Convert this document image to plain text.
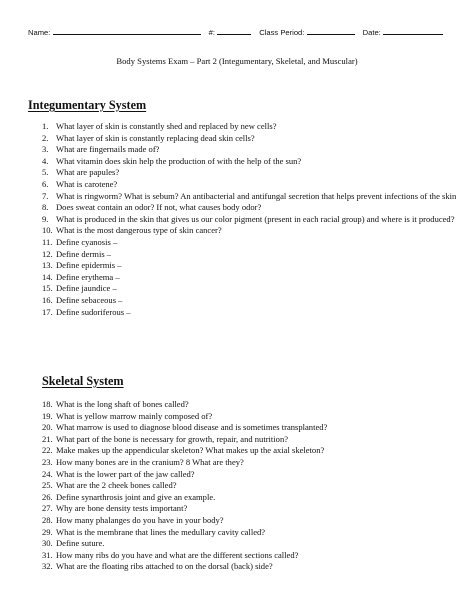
Name:	#:	Class Period:	Date:
Body Systems Exam – Part 2 (Integumentary, Skeletal, and Muscular)
Integumentary System
1. What layer of skin is constantly shed and replaced by new cells?
2. What layer of skin is constantly replacing dead skin cells?
3. What are fingernails made of?
4. What vitamin does skin help the production of with the help of the sun?
5. What are papules?
6. What is carotene?
7. What is ringworm? What is sebum? An antibacterial and antifungal secretion that helps prevent infections of the skin
8. Does sweat contain an odor? If not, what causes body odor?
9. What is produced in the skin that gives us our color pigment (present in each racial group) and where is it produced?
10. What is the most dangerous type of skin cancer?
11. Define cyanosis –
12. Define dermis –
13. Define epidermis –
14. Define erythema –
15. Define jaundice –
16. Define sebaceous –
17. Define sudoriferous –
Skeletal System
18. What is the long shaft of bones called?
19. What is yellow marrow mainly composed of?
20. What marrow is used to diagnose blood disease and is sometimes transplanted?
21. What part of the bone is necessary for growth, repair, and nutrition?
22. Make makes up the appendicular skeleton? What makes up the axial skeleton?
23. How many bones are in the cranium? 8 What are they?
24. What is the lower part of the jaw called?
25. What are the 2 cheek bones called?
26. Define synarthrosis joint and give an example.
27. Why are bone density tests important?
28. How many phalanges do you have in your body?
29. What is the membrane that lines the medullary cavity called?
30. Define suture.
31. How many ribs do you have and what are the different sections called?
32. What are the floating ribs attached to on the dorsal (back) side?
